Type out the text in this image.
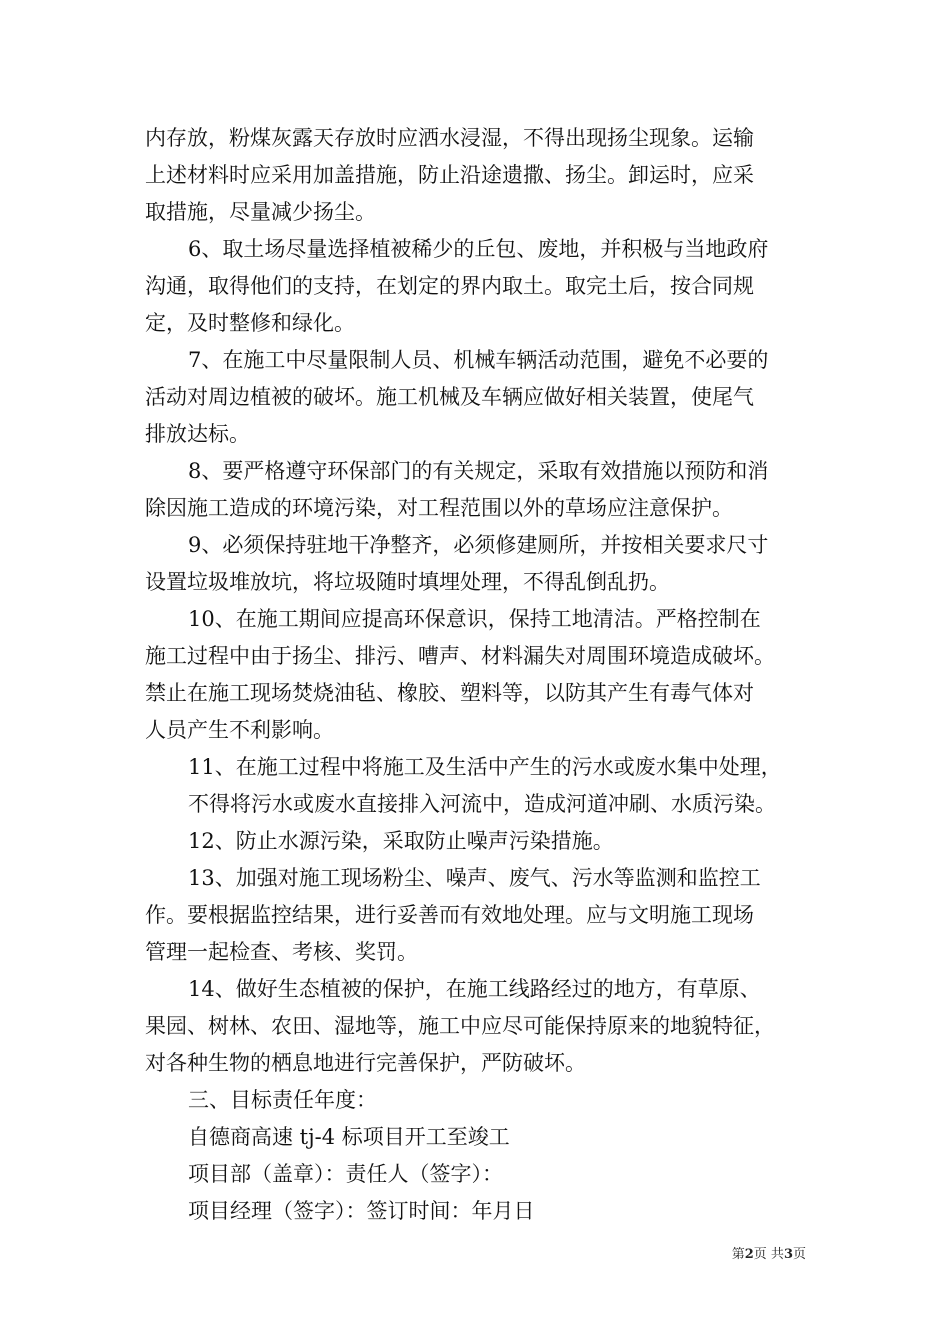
内存放，粉煤灰露天存放时应洒水浸湿，不得出现扬尘现象。运输
上述材料时应采用加盖措施，防止沿途遗撒、扬尘。卸运时，应采
取措施，尽量减少扬尘。
6、取土场尽量选择植被稀少的丘包、废地，并积极与当地政府
沟通，取得他们的支持，在划定的界内取土。取完土后，按合同规
定，及时整修和绿化。
7、在施工中尽量限制人员、机械车辆活动范围，避免不必要的
活动对周边植被的破坏。施工机械及车辆应做好相关装置，使尾气
排放达标。
8、要严格遵守环保部门的有关规定，采取有效措施以预防和消
除因施工造成的环境污染，对工程范围以外的草场应注意保护。
9、必须保持驻地干净整齐，必须修建厕所，并按相关要求尺寸
设置垃圾堆放坑，将垃圾随时填埋处理，不得乱倒乱扔。
10、在施工期间应提高环保意识，保持工地清洁。严格控制在
施工过程中由于扬尘、排污、嘈声、材料漏失对周围环境造成破坏。
禁止在施工现场焚烧油毡、橡胶、塑料等，以防其产生有毒气体对
人员产生不利影响。
11、在施工过程中将施工及生活中产生的污水或废水集中处理，
不得将污水或废水直接排入河流中，造成河道冲刷、水质污染。
12、防止水源污染，采取防止噪声污染措施。
13、加强对施工现场粉尘、噪声、废气、污水等监测和监控工
作。要根据监控结果，进行妥善而有效地处理。应与文明施工现场
管理一起检查、考核、奖罚。
14、做好生态植被的保护，在施工线路经过的地方，有草原、
果园、树林、农田、湿地等，施工中应尽可能保持原来的地貌特征，
对各种生物的栖息地进行完善保护，严防破坏。
三、目标责任年度：
自德商高速 tj-4 标项目开工至竣工
项目部（盖章）：责任人（签字）：
项目经理（签字）：签订时间：年月日
第2页 共3页
